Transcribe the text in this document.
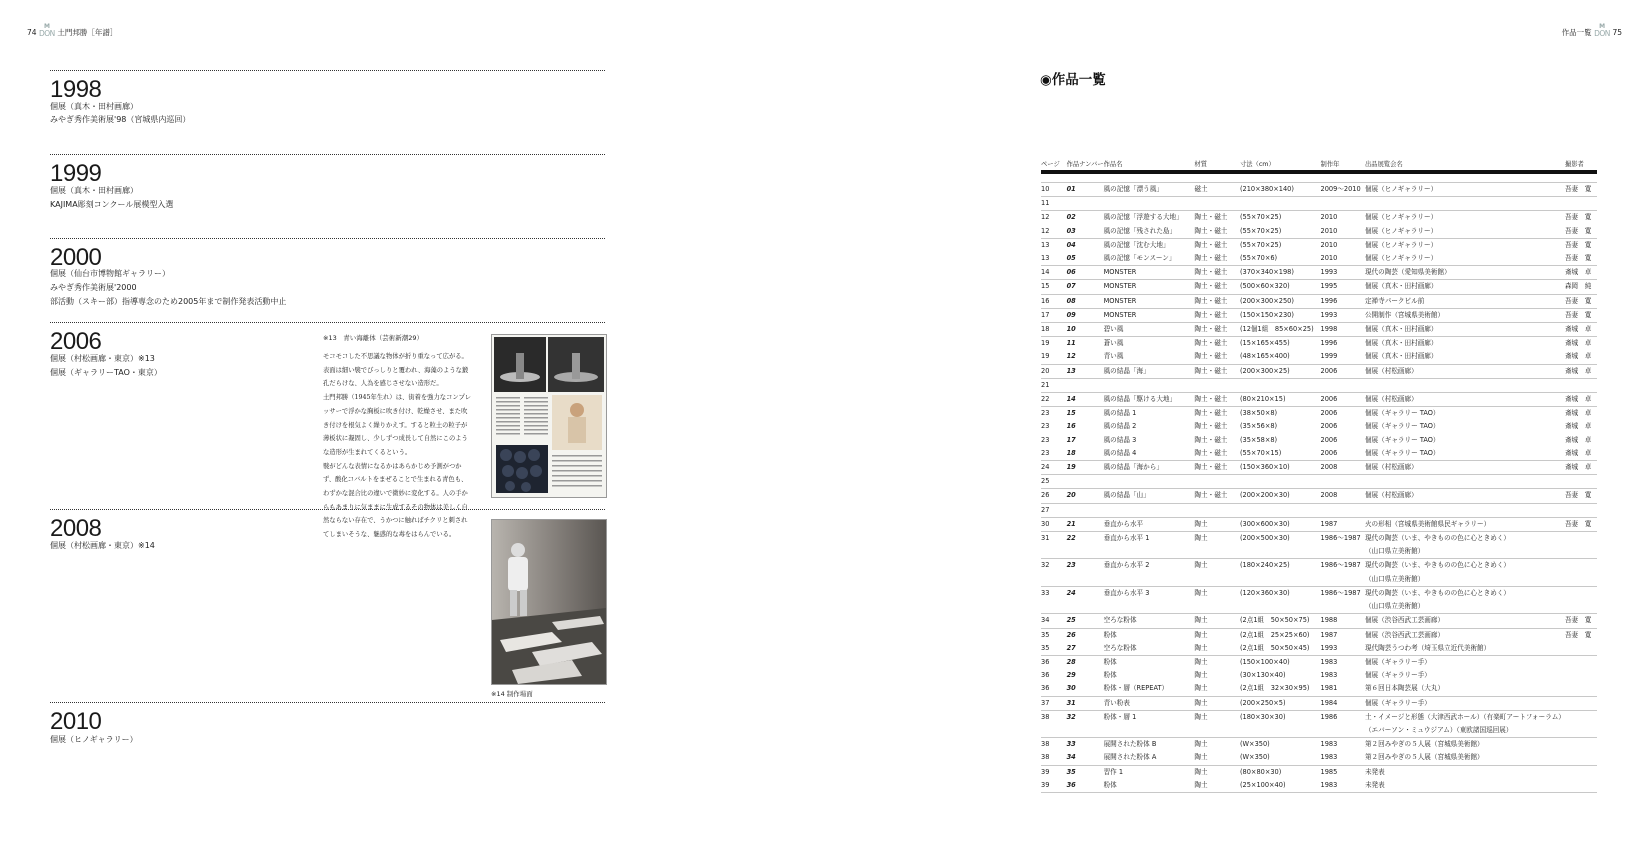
74
M
DON 土門邦勝［年譜］	作品一覧
M
DON 75
1998
個展（真木・田村画廊）
みやぎ秀作美術展'98（宮城県内巡回）
1999
個展（真木・田村画廊）
KAJIMA彫刻コンクール展模型入選
2000
個展（仙台市博物館ギャラリー）
みやぎ秀作美術展'2000
部活動（スキー部）指導専念のため2005年まで制作発表活動中止
2006
個展（村松画廊・東京）※13
個展（ギャラリーTAO・東京）
※13　青い海離体（芸術新潮29）

モコモコした不思議な物体が折り重なって広がる。表面は細い襞でびっしりと覆われ、海藻のような鍛孔だらけな、人為を感じさせない造形だ。

土門邦勝（1945年生れ）は、街着を強力なコンプレッサーで浮かな胸板に吹き付け、乾燥させ、また吹き付けを根気よく繰りかえす。すると粒土の粒子が薄板状に凝固し、少しずつ成長して自然にこのような造形が生まれてくるという。

襞がどんな表情になるかはあらかじめ予測がつかず、酸化コバルトをまぜることで生まれる青色も、わずかな混合比の違いで微妙に変化する。人の手からもあまりに気ままに生成するその物体は美しく自然ならない存在で、うかつに触ればチクリと刺されてしまいそうな、魅惑的な毒をはらんでいる。

2008
個展（村松画廊・東京）※14
※14 制作場面
2010
個展（ヒノギャラリー）
◉作品一覧
ページ	作品ナンバー	作品名	材質	寸法（cm）	制作年	出品展覧会名	撮影者

10	01	風の記憶「漂う風」	磁土	(210×380×140)	2009〜2010	個展（ヒノギャラリー）	吾妻　寛
11							
12	02	風の記憶「浮遊する大地」	陶土・磁土	(55×70×25)	2010	個展（ヒノギャラリー）	吾妻　寛
12	03	風の記憶「残された島」	陶土・磁土	(55×70×25)	2010	個展（ヒノギャラリー）	吾妻　寛
13	04	風の記憶「沈む大地」	陶土・磁土	(55×70×25)	2010	個展（ヒノギャラリー）	吾妻　寛
13	05	風の記憶「モンスーン」	陶土・磁土	(55×70×6)	2010	個展（ヒノギャラリー）	吾妻　寛
14	06	MONSTER	陶土・磁土	(370×340×198)	1993	現代の陶芸（愛知県美術館）	斎城　卓
15	07	MONSTER	陶土・磁土	(500×60×320)	1995	個展（真木・田村画廊）	森岡　純
16	08	MONSTER	陶土・磁土	(200×300×250)	1996	定禅寺パークビル前	吾妻　寛
17	09	MONSTER	陶土・磁土	(150×150×230)	1993	公開制作（宮城県美術館）	吾妻　寛
18	10	碧い風	陶土・磁土	(12個1組　85×60×25)	1998	個展（真木・田村画廊）	斎城　卓
19	11	蒼い風	陶土・磁土	(15×165×455)	1996	個展（真木・田村画廊）	斎城　卓
19	12	青い風	陶土・磁土	(48×165×400)	1999	個展（真木・田村画廊）	斎城　卓
20	13	風の結晶「海」	陶土・磁土	(200×300×25)	2006	個展（村松画廊）	斎城　卓
21							
22	14	風の結晶「駆ける大地」	陶土・磁土	(80×210×15)	2006	個展（村松画廊）	斎城　卓
23	15	風の結晶 1	陶土・磁土	(38×50×8)	2006	個展（ギャラリー TAO）	斎城　卓
23	16	風の結晶 2	陶土・磁土	(35×56×8)	2006	個展（ギャラリー TAO）	斎城　卓
23	17	風の結晶 3	陶土・磁土	(35×58×8)	2006	個展（ギャラリー TAO）	斎城　卓
23	18	風の結晶 4	陶土・磁土	(55×70×15)	2006	個展（ギャラリー TAO）	斎城　卓
24	19	風の結晶「海から」	陶土・磁土	(150×360×10)	2008	個展（村松画廊）	斎城　卓
25							
26	20	風の結晶「山」	陶土・磁土	(200×200×30)	2008	個展（村松画廊）	吾妻　寛
27							
30	21	垂直から水平	陶土	(300×600×30)	1987	火の形相（宮城県美術館県民ギャラリー）	吾妻　寛
31	22	垂直から水平 1	陶土	(200×500×30)	1986〜1987	現代の陶芸（いま、やきものの色に心ときめく）	
						（山口県立美術館）	
32	23	垂直から水平 2	陶土	(180×240×25)	1986〜1987	現代の陶芸（いま、やきものの色に心ときめく）	
						（山口県立美術館）	
33	24	垂直から水平 3	陶土	(120×360×30)	1986〜1987	現代の陶芸（いま、やきものの色に心ときめく）	
						（山口県立美術館）	
34	25	空ろな粉体	陶土	(2点1組　50×50×75)	1988	個展（渋谷西武工芸画廊）	吾妻　寛
35	26	粉体	陶土	(2点1組　25×25×60)	1987	個展（渋谷西武工芸画廊）	吾妻　寛
35	27	空ろな粉体	陶土	(2点1組　50×50×45)	1993	現代陶芸うつわ考（埼玉県立近代美術館）	
36	28	粉体	陶土	(150×100×40)	1983	個展（ギャラリー手）	
36	29	粉体	陶土	(30×130×40)	1983	個展（ギャラリー手）	
36	30	粉体・層（REPEAT）	陶土	(2点1組　32×30×95)	1981	第６回日本陶芸展（大丸）	
37	31	青い粉表	陶土	(200×250×5)	1984	個展（ギャラリー手）	
38	32	粉体・層 1	陶土	(180×30×30)	1986	土・イメージと形態（大津西武ホール）（有楽町アートフォーラム）	
						（エバーソン・ミュウジアム）（東欧諸国巡回展）	
38	33	展開された粉体 B	陶土	(W×350)	1983	第２回みやぎの５人展（宮城県美術館）	
38	34	展開された粉体 A	陶土	(W×350)	1983	第２回みやぎの５人展（宮城県美術館）	
39	35	習作 1	陶土	(80×80×30)	1985	未発表	
39	36	粉体	陶土	(25×100×40)	1983	未発表	
